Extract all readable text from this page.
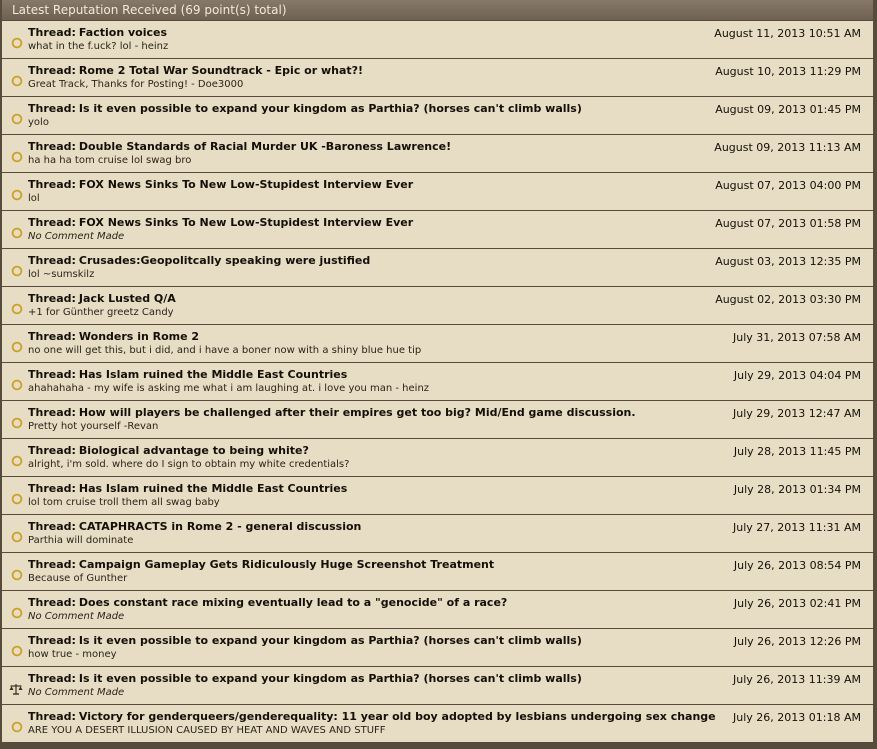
Latest Reputation Received (69 point(s) total)
Thread: Faction voices
what in the f.uck? lol - heinz
August 11, 2013 10:51 AM
Thread: Rome 2 Total War Soundtrack - Epic or what?!
Great Track, Thanks for Posting! - Doe3000
August 10, 2013 11:29 PM
Thread: Is it even possible to expand your kingdom as Parthia? (horses can't climb walls)
yolo
August 09, 2013 01:45 PM
Thread: Double Standards of Racial Murder UK -Baroness Lawrence!
ha ha ha tom cruise lol swag bro
August 09, 2013 11:13 AM
Thread: FOX News Sinks To New Low-Stupidest Interview Ever
lol
August 07, 2013 04:00 PM
Thread: FOX News Sinks To New Low-Stupidest Interview Ever
No Comment Made
August 07, 2013 01:58 PM
Thread: Crusades:Geopolitcally speaking were justified
lol ~sumskilz
August 03, 2013 12:35 PM
Thread: Jack Lusted Q/A
+1 for Günther greetz Candy
August 02, 2013 03:30 PM
Thread: Wonders in Rome 2
no one will get this, but i did, and i have a boner now with a shiny blue hue tip
July 31, 2013 07:58 AM
Thread: Has Islam ruined the Middle East Countries
ahahahaha - my wife is asking me what i am laughing at. i love you man - heinz
July 29, 2013 04:04 PM
Thread: How will players be challenged after their empires get too big? Mid/End game discussion.
Pretty hot yourself -Revan
July 29, 2013 12:47 AM
Thread: Biological advantage to being white?
alright, i'm sold. where do I sign to obtain my white credentials?
July 28, 2013 11:45 PM
Thread: Has Islam ruined the Middle East Countries
lol tom cruise troll them all swag baby
July 28, 2013 01:34 PM
Thread: CATAPHRACTS in Rome 2 - general discussion
Parthia will dominate
July 27, 2013 11:31 AM
Thread: Campaign Gameplay Gets Ridiculously Huge Screenshot Treatment
Because of Gunther
July 26, 2013 08:54 PM
Thread: Does constant race mixing eventually lead to a "genocide" of a race?
No Comment Made
July 26, 2013 02:41 PM
Thread: Is it even possible to expand your kingdom as Parthia? (horses can't climb walls)
how true - money
July 26, 2013 12:26 PM
Thread: Is it even possible to expand your kingdom as Parthia? (horses can't climb walls)
No Comment Made
July 26, 2013 11:39 AM
Thread: Victory for genderqueers/genderequality: 11 year old boy adopted by lesbians undergoing sex change
ARE YOU A DESERT ILLUSION CAUSED BY HEAT AND WAVES AND STUFF
July 26, 2013 01:18 AM
